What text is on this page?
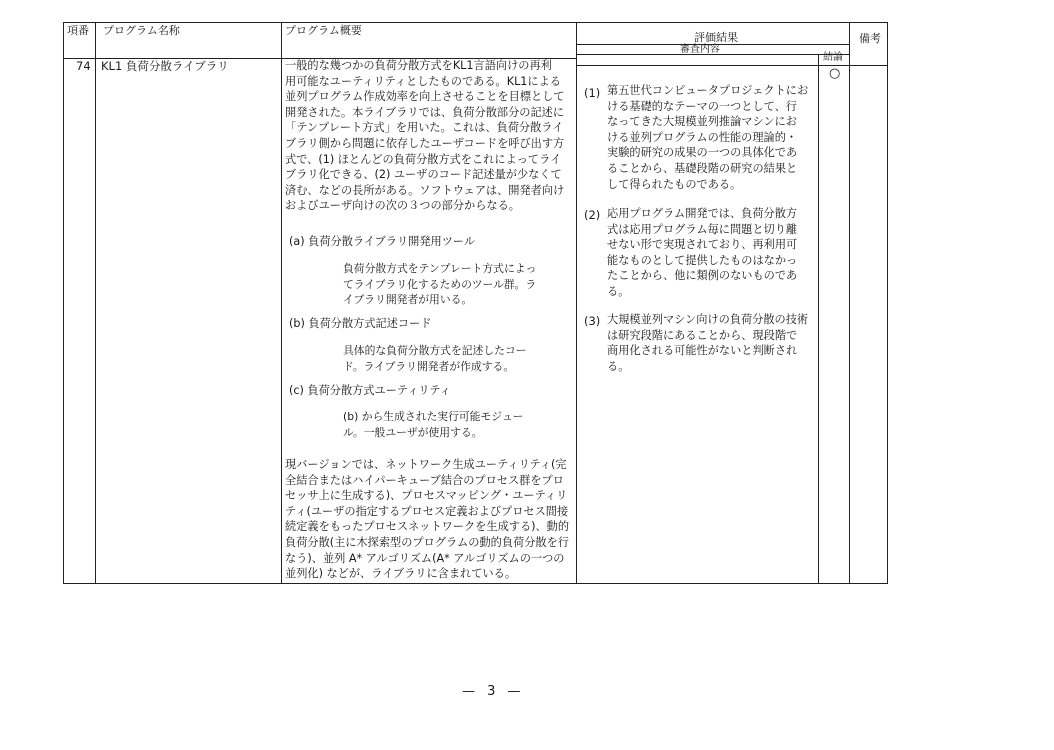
項番 プログラム名称	プログラム概要
評価結果
審査内容
結論
備考
74 KL1 負荷分散ライブラリ	一般的な幾つかの負荷分散方式をKL1言語向けの再利
用可能なユーティリティとしたものである。KL1による
並列プログラム作成効率を向上させることを目標として
開発された。本ライブラリでは、負荷分散部分の記述に
「テンプレート方式」を用いた。これは、負荷分散ライ
ブラリ側から問題に依存したユーザコードを呼び出す方
式で、(1) ほとんどの負荷分散方式をこれによってライ
ブラリ化できる、(2) ユーザのコード記述量が少なくて
済む、などの長所がある。ソフトウェアは、開発者向け
およびユーザ向けの次の３つの部分からなる。
(a) 負荷分散ライブラリ開発用ツール
負荷分散方式をテンプレート方式によっ
てライブラリ化するためのツール群。ラ
イブラリ開発者が用いる。
(b) 負荷分散方式記述コード
具体的な負荷分散方式を記述したコー
ド。ライブラリ開発者が作成する。
(c) 負荷分散方式ユーティリティ
(b) から生成された実行可能モジュー
ル。一般ユーザが使用する。
現バージョンでは、ネットワーク生成ユーティリティ(完
全結合またはハイパーキューブ結合のプロセス群をプロ
セッサ上に生成する)、プロセスマッピング・ユーティリ
ティ(ユーザの指定するプロセス定義およびプロセス間接
続定義をもったプロセスネットワークを生成する)、動的
負荷分散(主に木探索型のプログラムの動的負荷分散を行
なう)、並列 A* アルゴリズム(A* アルゴリズムの一つの
並列化) などが、ライブラリに含まれている。
(1) 第五世代コンピュータプロジェクトにお
ける基礎的なテーマの一つとして、行
なってきた大規模並列推論マシンにお
ける並列プログラムの性能の理論的・
実験的研究の成果の一つの具体化であ
ることから、基礎段階の研究の結果と
して得られたものである。
(2) 応用プログラム開発では、負荷分散方
式は応用プログラム毎に問題と切り離
せない形で実現されており、再利用可
能なものとして提供したものはなかっ
たことから、他に類例のないものであ
る。
(3) 大規模並列マシン向けの負荷分散の技術
は研究段階にあることから、現段階で
商用化される可能性がないと判断され
る。
○
— 3 —
